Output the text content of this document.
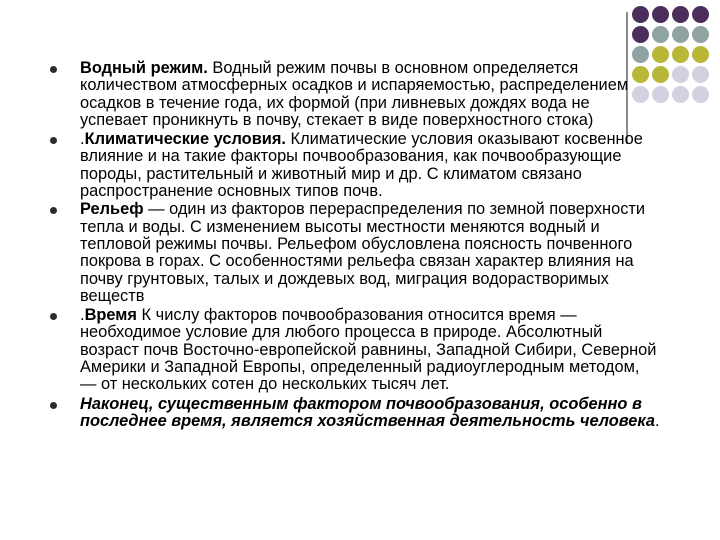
Водный режим. Водный режим почвы в основном определяется количеством атмосферных осадков и испаряемостью, распределением осадков в течение года, их формой (при ливневых дождях вода не успевает проникнуть в почву, стекает в виде поверхностного стока)
.Климатические условия. Климатические условия оказывают косвенное влияние и на такие факторы почвообразования, как почвообразующие породы, растительный и животный мир и др. С климатом связано распространение основных типов почв.
Рельеф — один из факторов перераспределения по земной поверхности тепла и воды. С изменением высоты местности меняются водный и тепловой режимы почвы. Рельефом обусловлена поясность почвенного покрова в горах. С особенностями рельефа связан характер влияния на почву грунтовых, талых и дождевых вод, миграция водорастворимых веществ
.Время К числу факторов почвообразования относится время — необходимое условие для любого процесса в природе. Абсолютный возраст почв Восточно-европейской равнины, Западной Сибири, Северной Америки и Западной Европы, определенный радиоуглеродным методом, — от нескольких сотен до нескольких тысяч лет.
Наконец, существенным фактором почвообразования, особенно в последнее время, является хозяйственная деятельность человека.
